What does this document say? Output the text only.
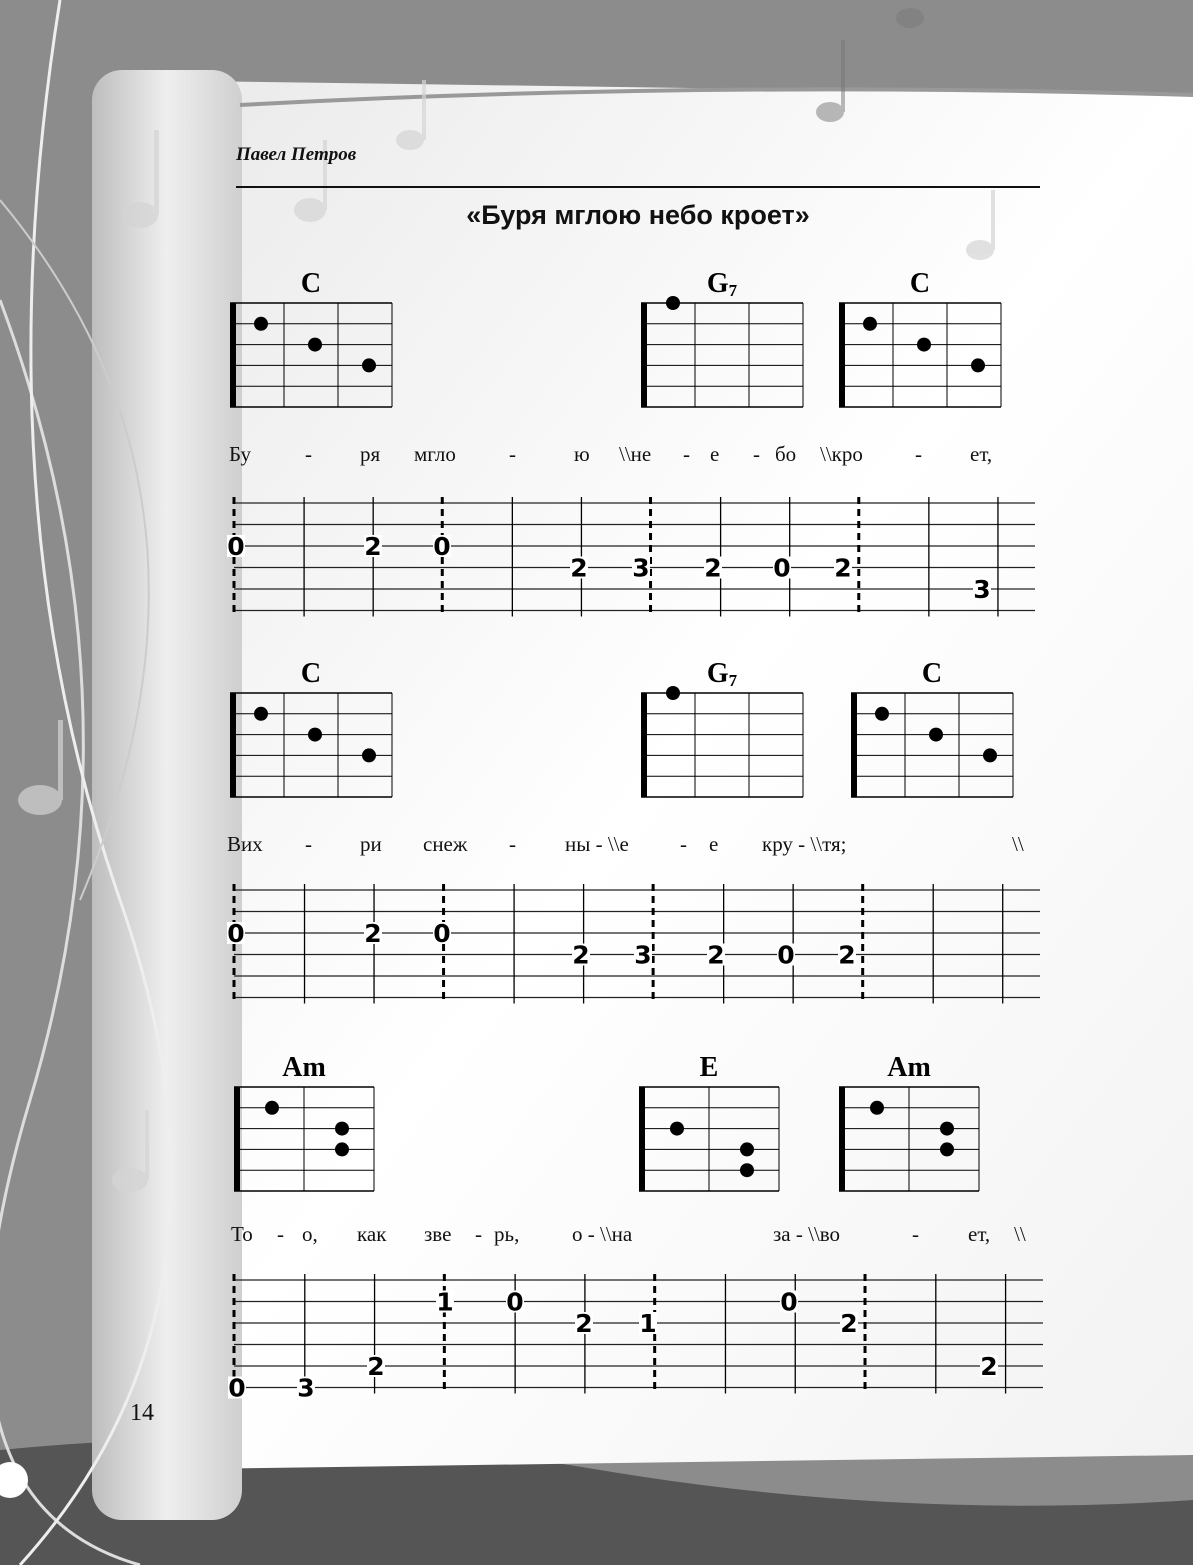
Павел Петров
«Буря мглою небо кроет»
14
C	$G_7$	C
Бу	- ря мгло	-	ю \\не - е - бо \\кро - ет,
0	2 0
2 3 2 0 2
3
C	$G_7$	C
Вих - ри снеж - ны - \\е - е кру - \\тя;	\\
0	2 0
2 3 2 0 2
Am	E	Am
То - о, как зве - рь,	о - \\на	за - \\во	- ет, \\
0 3
2
1 0
2 1
0
2
2
